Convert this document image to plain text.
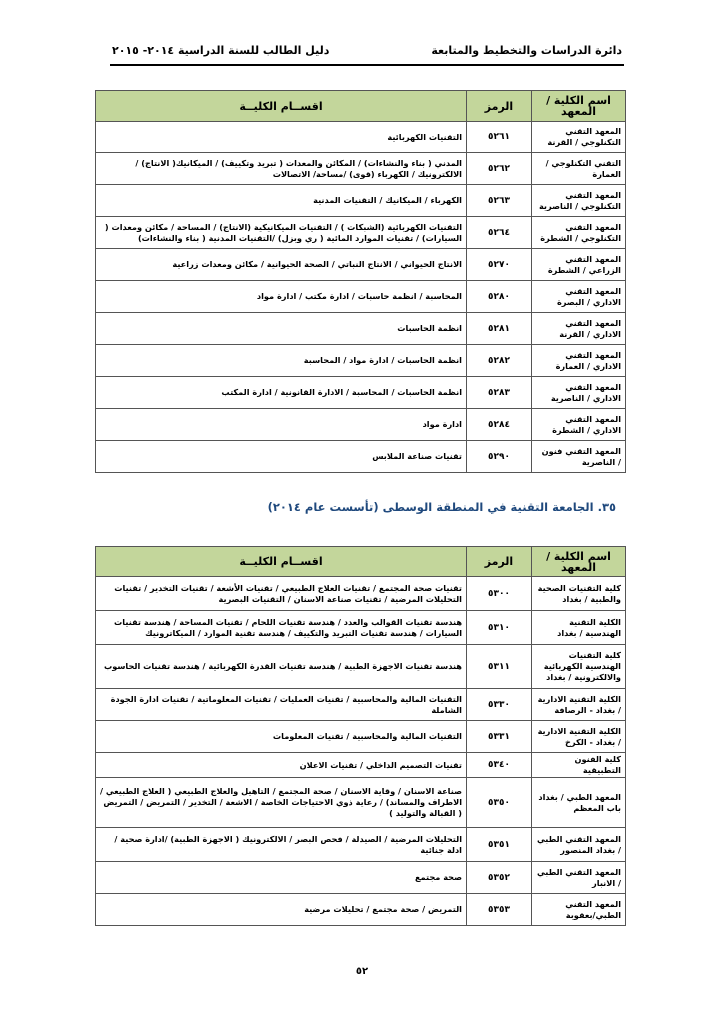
دائرة الدراسات والتخطيط والمتابعة
دليل الطالب للسنة الدراسية ٢٠١٤- ٢٠١٥
اسم الكلية / المعهد	الرمز	اقســام الكليــة
المعهد التقني التكنلوجي / القرنة	٥٢٦١	التقنيات الكهربائية
التقني التكنلوجي / العمارة	٥٢٦٢	المدني ( بناء والنشاءات) / المكائن والمعدات ( تبريد وتكييف) / الميكانيك( الانتاج) / الالكترونيك / الكهرباء (قوى) /مساحة/ الاتصالات
المعهد التقني التكنلوجي / الناصرية	٥٢٦٣	الكهرباء / الميكانيك / التقنيات المدنية
المعهد التقني التكنلوجي / الشطرة	٥٢٦٤	التقنيات الكهربائية (الشبكات ) / التقنيات الميكانيكية (الانتاج) / المساحة / مكائن ومعدات ( السيارات) / تقنيات الموارد المائية ( ري وبزل) /التقنيات المدنية ( بناء والنشاءات)
المعهد التقني الزراعي / الشطرة	٥٢٧٠	الانتاج الحيواني / الانتاج النباتي / الصحة الحيوانية / مكائن ومعدات زراعية
المعهد التقني الاداري / البصرة	٥٢٨٠	المحاسبة / انظمة حاسبات / ادارة مكتب / ادارة مواد
المعهد التقني الاداري / القرنة	٥٢٨١	انظمة الحاسبات
المعهد التقني الاداري / العمارة	٥٢٨٢	انظمة الحاسبات / ادارة مواد / المحاسبة
المعهد التقني الاداري / الناصرية	٥٢٨٣	انظمة الحاسبات / المحاسبة / الادارة القانونية / ادارة المكتب
المعهد التقني الاداري / الشطرة	٥٢٨٤	ادارة مواد
المعهد التقني فنون / الناصرية	٥٢٩٠	تقنيات صناعة الملابس
٣٥. الجامعة التقنية في المنطقة الوسطى (تأسست عام ٢٠١٤)
اسم الكلية / المعهد	الرمز	اقســام الكليــة
كلية التقنيات الصحية والطبية / بغداد	٥٣٠٠	تقنيات صحة المجتمع / تقنيات العلاج الطبيعي / تقنيات الأشعة / تقنيات التخدير / تقنيات التحليلات المرضية / تقنيات صناعة الاسنان / التقنيات البصرية
الكلية التقنية الهندسية / بغداد	٥٣١٠	هندسة تقنيات القوالب والعدد / هندسة تقنيات اللحام / تقنيات المساحة / هندسة تقنيات السيارات / هندسة تقنيات التبريد والتكييف / هندسة تقنية الموارد / الميكاترونيك
كلية التقنيات الهندسية الكهربائية والالكترونية / بغداد	٥٣١١	هندسة تقنيات الاجهزة الطبية / هندسة تقنيات القدرة الكهربائية / هندسة تقنيات الحاسوب
الكلية التقنية الادارية / بغداد - الرصافة	٥٣٣٠	التقنيات المالية والمحاسبية / تقنيات العمليات / تقنيات المعلوماتية / تقنيات ادارة الجودة الشاملة
الكلية التقنية الادارية / بغداد - الكرخ	٥٣٣١	التقنيات المالية والمحاسبية / تقنيات المعلومات
كلية الفنون التطبيقية	٥٣٤٠	تقنيات التصميم الداخلي / تقنيات الاعلان
المعهد الطبي / بغداد باب المعظم	٥٣٥٠	صناعة الاسنان / وقاية الاسنان / صحة المجتمع / التاهيل والعلاج الطبيعي ( العلاج الطبيعي / الاطراف والمساند) / رعاية ذوي الاحتياجات الخاصة / الاشعة / التخدير / التمريض / التمريض ( القبالة والتوليد )
المعهد التقني الطبي / بغداد المنصور	٥٣٥١	التحليلات المرضية / الصيدلة / فحص البصر / الالكترونيك ( الاجهزة الطبية) /ادارة صحية /ادلة جنائية
المعهد التقني الطبي / الانبار	٥٣٥٢	صحة مجتمع
المعهد التقني الطبي/بعقوبة	٥٣٥٣	التمريض / صحة مجتمع / تحليلات مرضية
٥٢
